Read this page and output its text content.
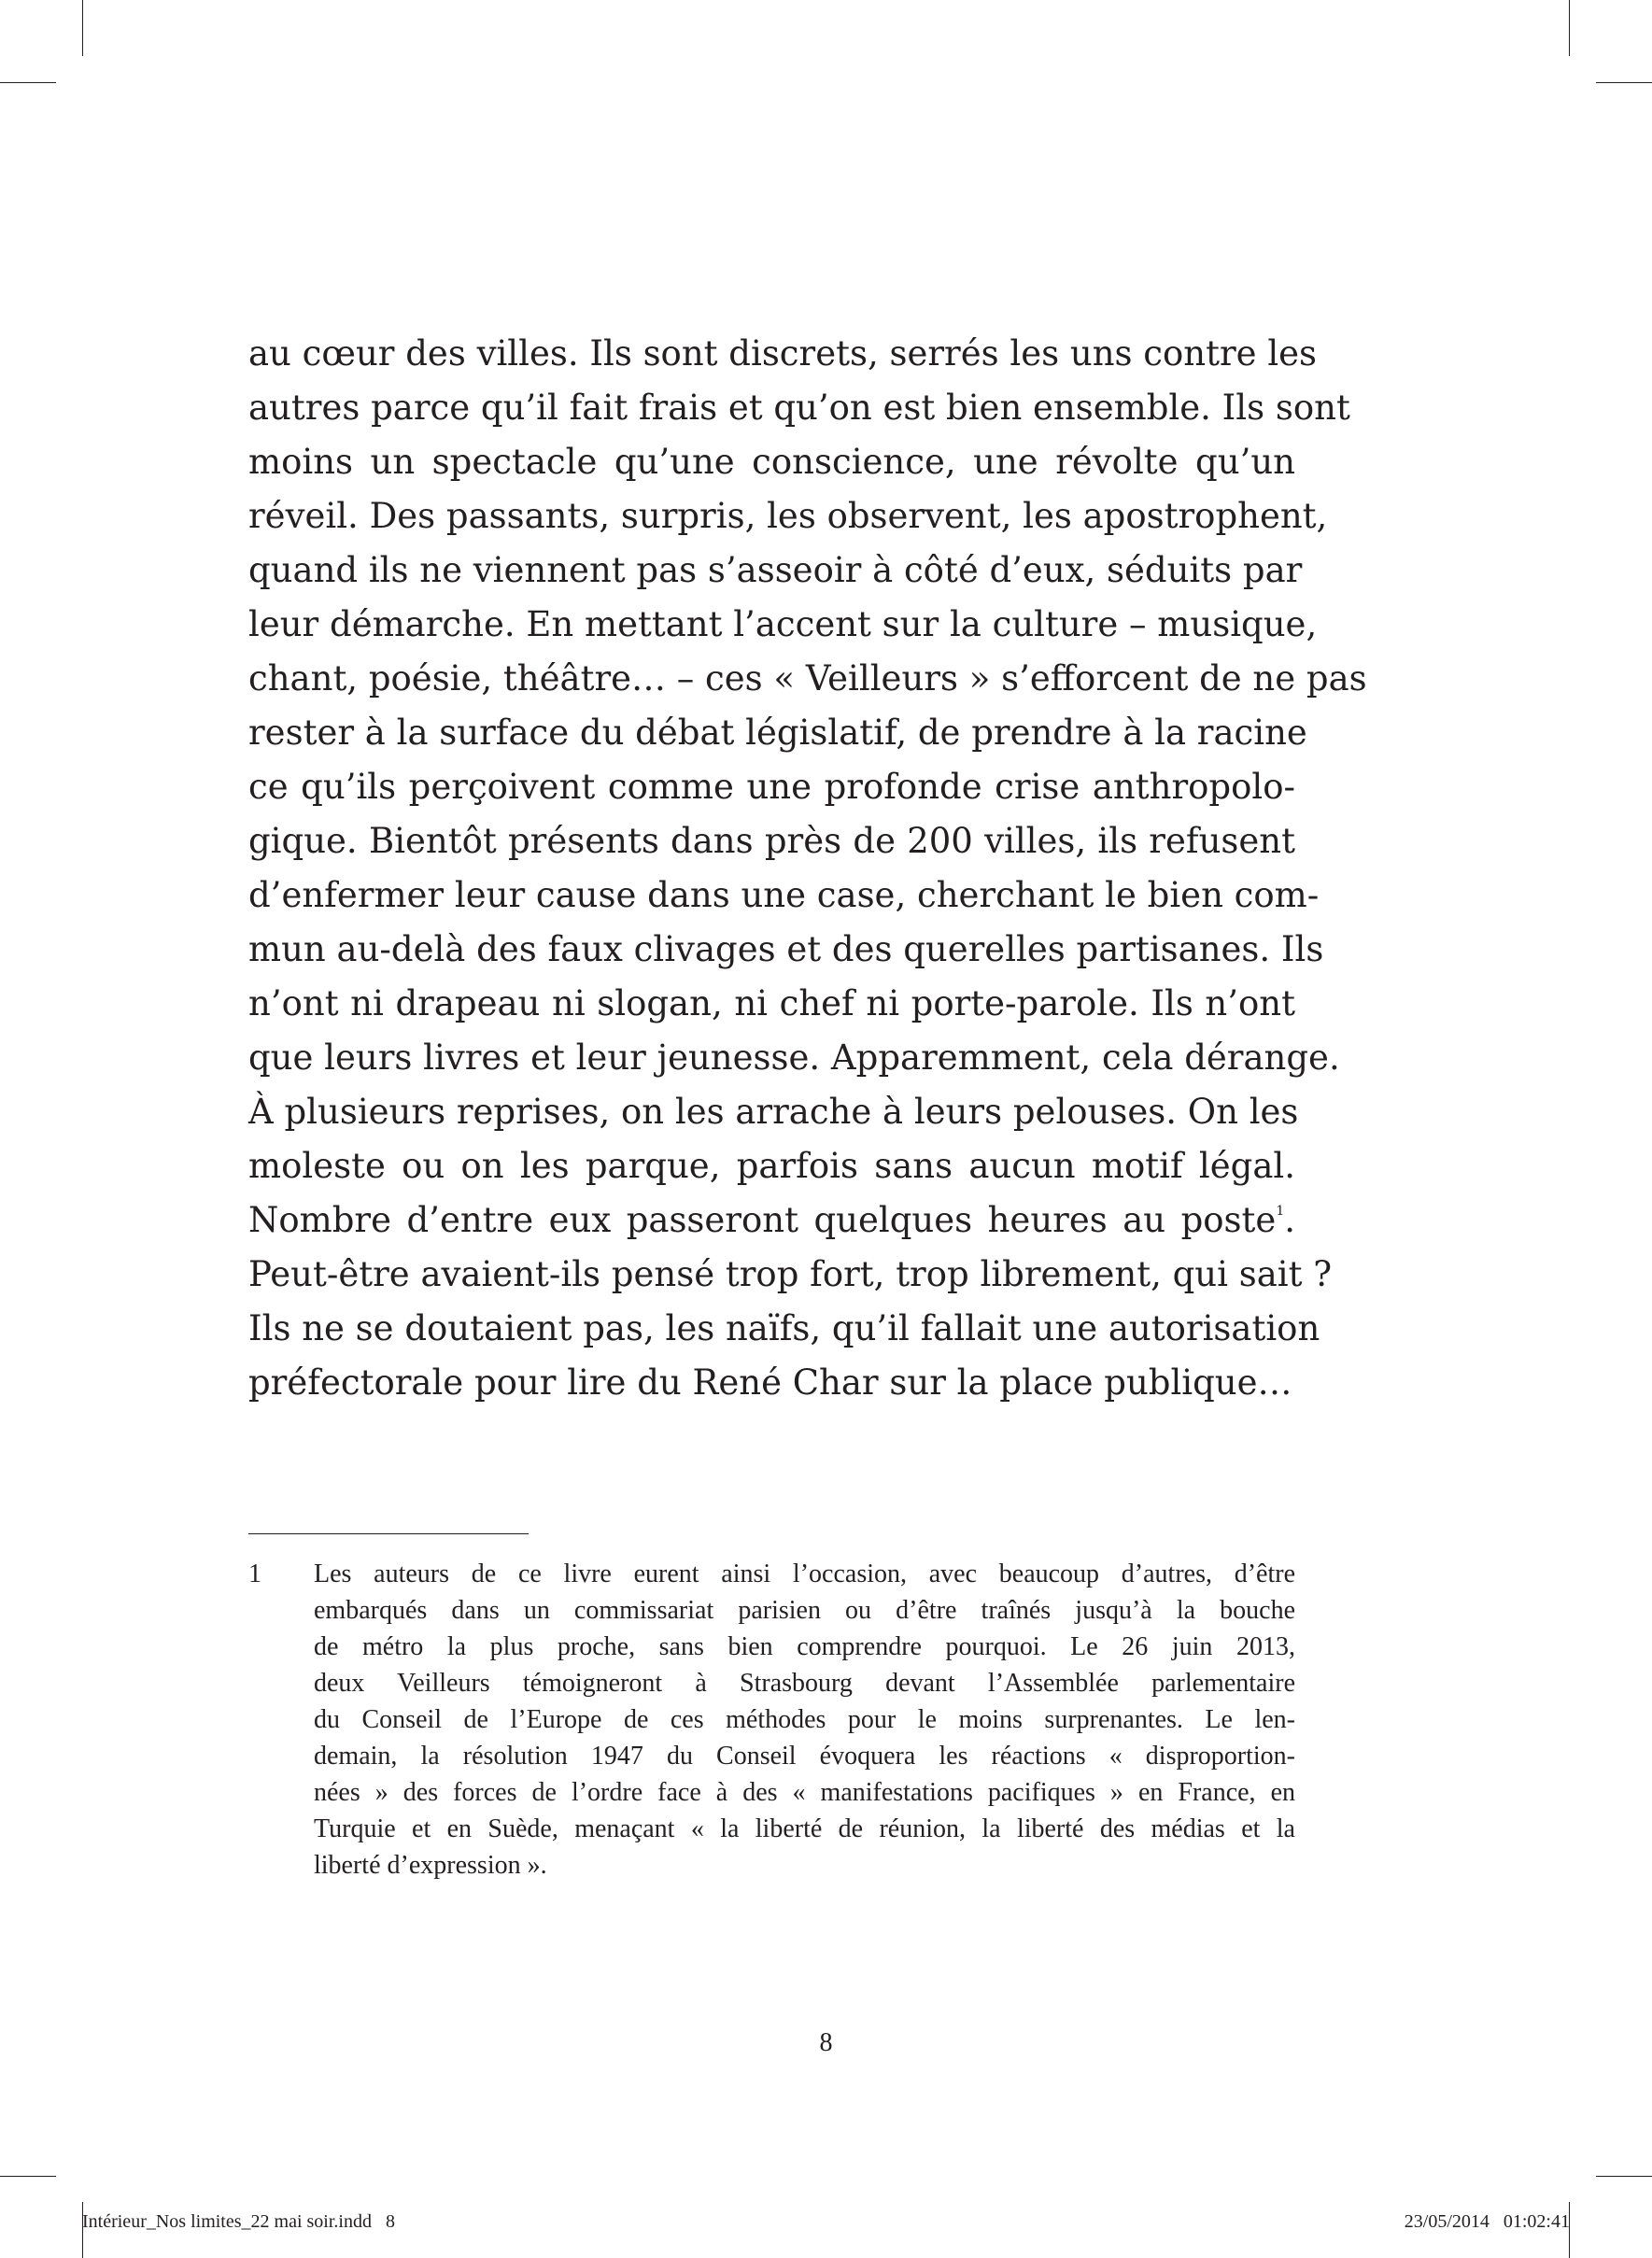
au cœur des villes. Ils sont discrets, serrés les uns contre les
autres parce qu’il fait frais et qu’on est bien ensemble. Ils sont
moins un spectacle qu’une conscience, une révolte qu’un
réveil. Des passants, surpris, les observent, les apostrophent,
quand ils ne viennent pas s’asseoir à côté d’eux, séduits par
leur démarche. En mettant l’accent sur la culture – musique,
chant, poésie, théâtre… – ces « Veilleurs » s’efforcent de ne pas
rester à la surface du débat législatif, de prendre à la racine
ce qu’ils perçoivent comme une profonde crise anthropolo-
gique. Bientôt présents dans près de 200 villes, ils refusent
d’enfermer leur cause dans une case, cherchant le bien com-
mun au-delà des faux clivages et des querelles partisanes. Ils
n’ont ni drapeau ni slogan, ni chef ni porte-parole. Ils n’ont
que leurs livres et leur jeunesse. Apparemment, cela dérange.
À plusieurs reprises, on les arrache à leurs pelouses. On les
moleste ou on les parque, parfois sans aucun motif légal.
Nombre d’entre eux passeront quelques heures au poste$^1$.
Peut-être avaient-ils pensé trop fort, trop librement, qui sait ?
Ils ne se doutaient pas, les naïfs, qu’il fallait une autorisation
préfectorale pour lire du René Char sur la place publique…
1 Les auteurs de ce livre eurent ainsi l’occasion, avec beaucoup d’autres, d’être
embarqués dans un commissariat parisien ou d’être traînés jusqu’à la bouche
de métro la plus proche, sans bien comprendre pourquoi. Le 26 juin 2013,
deux Veilleurs témoigneront à Strasbourg devant l’Assemblée parlementaire
du Conseil de l’Europe de ces méthodes pour le moins surprenantes. Le len-
demain, la résolution 1947 du Conseil évoquera les réactions « disproportion-
nées » des forces de l’ordre face à des « manifestations pacifiques » en France, en
Turquie et en Suède, menaçant « la liberté de réunion, la liberté des médias et la
liberté d’expression ».
8
Intérieur_Nos limites_22 mai soir.indd   8	23/05/2014   01:02:41
